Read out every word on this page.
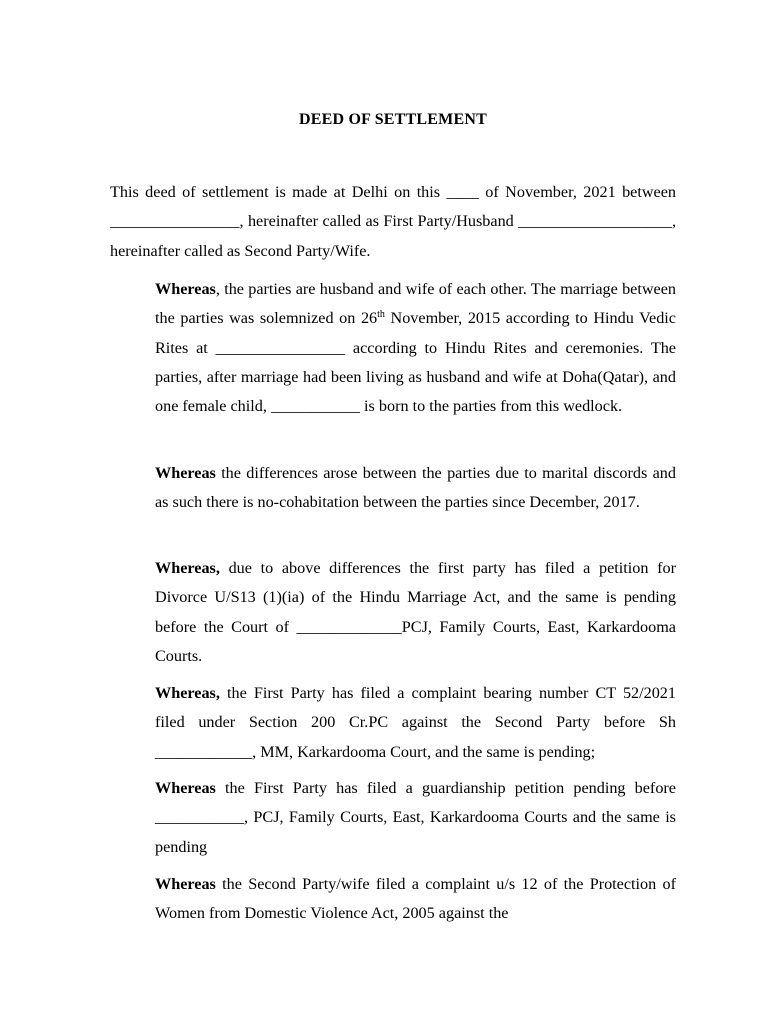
DEED OF SETTLEMENT

This deed of settlement is made at Delhi on this ____ of November, 2021 between ________________, hereinafter called as First Party/Husband ___________________, hereinafter called as Second Party/Wife.

Whereas, the parties are husband and wife of each other. The marriage between the parties was solemnized on 26th November, 2015 according to Hindu Vedic Rites at ________________ according to Hindu Rites and ceremonies. The parties, after marriage had been living as husband and wife at Doha(Qatar), and one female child, ___________ is born to the parties from this wedlock.

Whereas the differences arose between the parties due to marital discords and as such there is no-cohabitation between the parties since December, 2017.

Whereas, due to above differences the first party has filed a petition for Divorce U/S13 (1)(ia) of the Hindu Marriage Act, and the same is pending before the Court of _____________PCJ, Family Courts, East, Karkardooma Courts.

Whereas, the First Party has filed a complaint bearing number CT 52/2021 filed under Section 200 Cr.PC against the Second Party before Sh ____________, MM, Karkardooma Court, and the same is pending;

Whereas the First Party has filed a guardianship petition pending before ___________, PCJ, Family Courts, East, Karkardooma Courts and the same is pending

Whereas the Second Party/wife filed a complaint u/s 12 of the Protection of Women from Domestic Violence Act, 2005 against the
